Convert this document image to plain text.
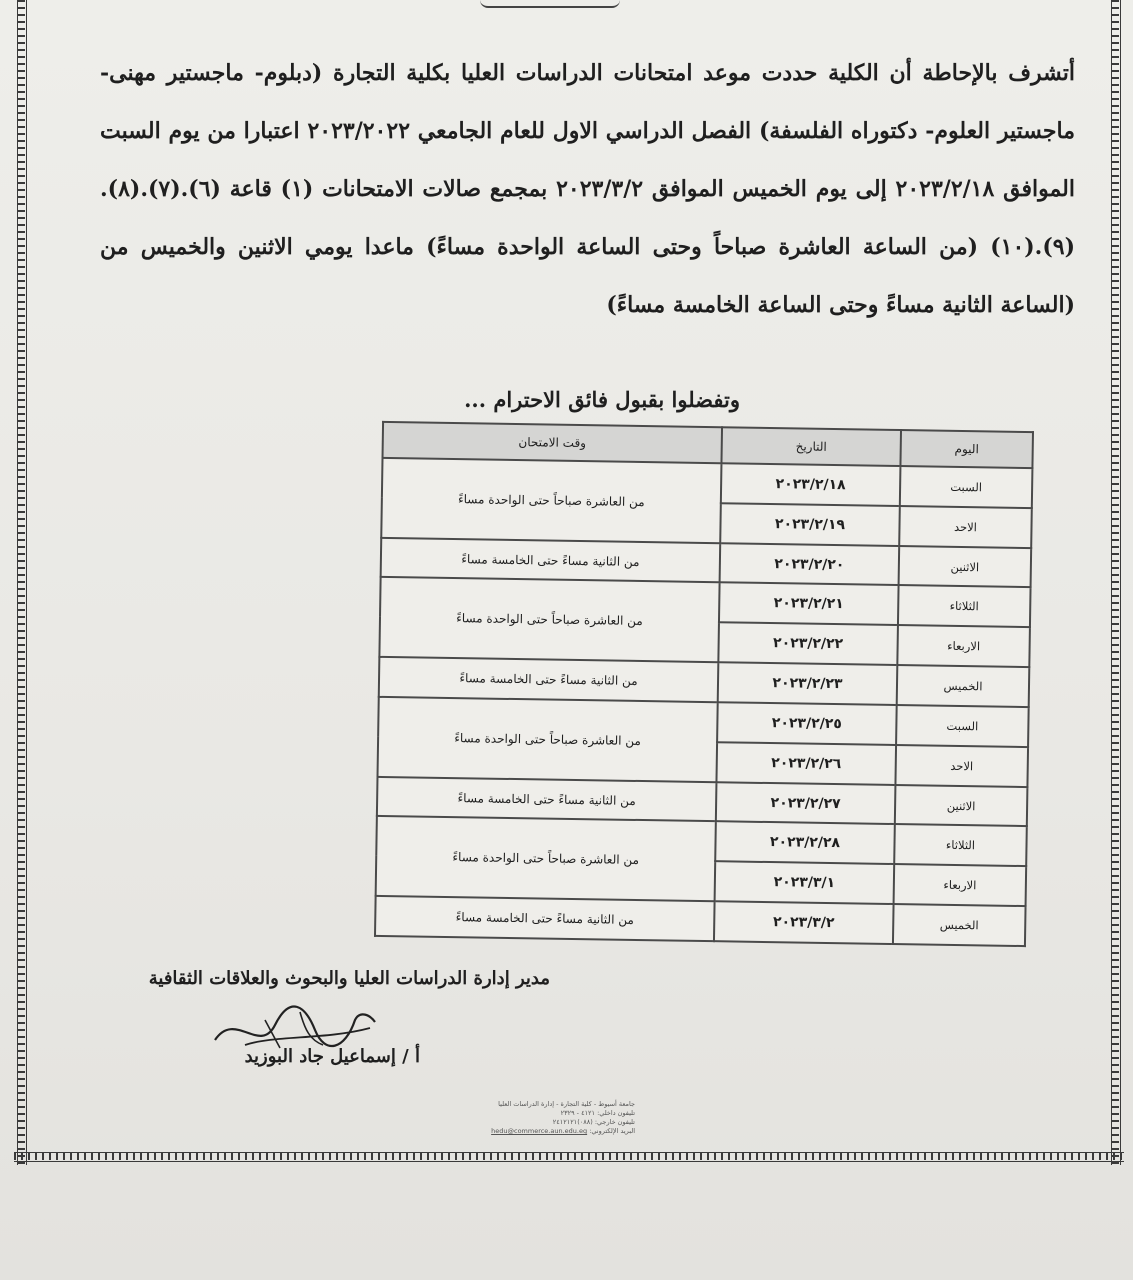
أتشرف بالإحاطة أن الكلية حددت موعد امتحانات الدراسات العليا بكلية التجارة (دبلوم- ماجستير مهنى- ماجستير العلوم- دكتوراه الفلسفة) الفصل الدراسي الاول للعام الجامعي ٢٠٢٣/٢٠٢٢ اعتبارا من يوم السبت الموافق ٢٠٢٣/٢/١٨ إلى يوم الخميس الموافق ٢٠٢٣/٣/٢ بمجمع صالات الامتحانات (١) قاعة (٦).(٧).(٨).(٩).(١٠) (من الساعة العاشرة صباحاً وحتى الساعة الواحدة مساءً) ماعدا يومي الاثنين والخميس من (الساعة الثانية مساءً وحتى الساعة الخامسة مساءً)

وتفضلوا بقبول فائق الاحترام ...

اليوم	التاريخ	وقت الامتحان
السبت	٢٠٢٣/٢/١٨	من العاشرة صباحاً حتى الواحدة مساءً
الاحد	٢٠٢٣/٢/١٩	
الاثنين	٢٠٢٣/٢/٢٠	من الثانية مساءً حتى الخامسة مساءً
الثلاثاء	٢٠٢٣/٢/٢١	من العاشرة صباحاً حتى الواحدة مساءً
الاربعاء	٢٠٢٣/٢/٢٢	
الخميس	٢٠٢٣/٢/٢٣	من الثانية مساءً حتى الخامسة مساءً
السبت	٢٠٢٣/٢/٢٥	من العاشرة صباحاً حتى الواحدة مساءً
الاحد	٢٠٢٣/٢/٢٦	
الاثنين	٢٠٢٣/٢/٢٧	من الثانية مساءً حتى الخامسة مساءً
الثلاثاء	٢٠٢٣/٢/٢٨	من العاشرة صباحاً حتى الواحدة مساءً
الاربعاء	٢٠٢٣/٣/١	
الخميس	٢٠٢٣/٣/٢	من الثانية مساءً حتى الخامسة مساءً
مدير إدارة الدراسات العليا والبحوث والعلاقات الثقافية
أ / إسماعيل جاد البوزيد
جامعة أسيوط - كلية التجارة - إدارة الدراسات العليا
تليفون داخلي: ٤١٢١ - ٢٣٢٩
تليفون خارجي: (٠٨٨)٢٤١٢١٢١
البريد الإلكتروني: hedu@commerce.aun.edu.eg
